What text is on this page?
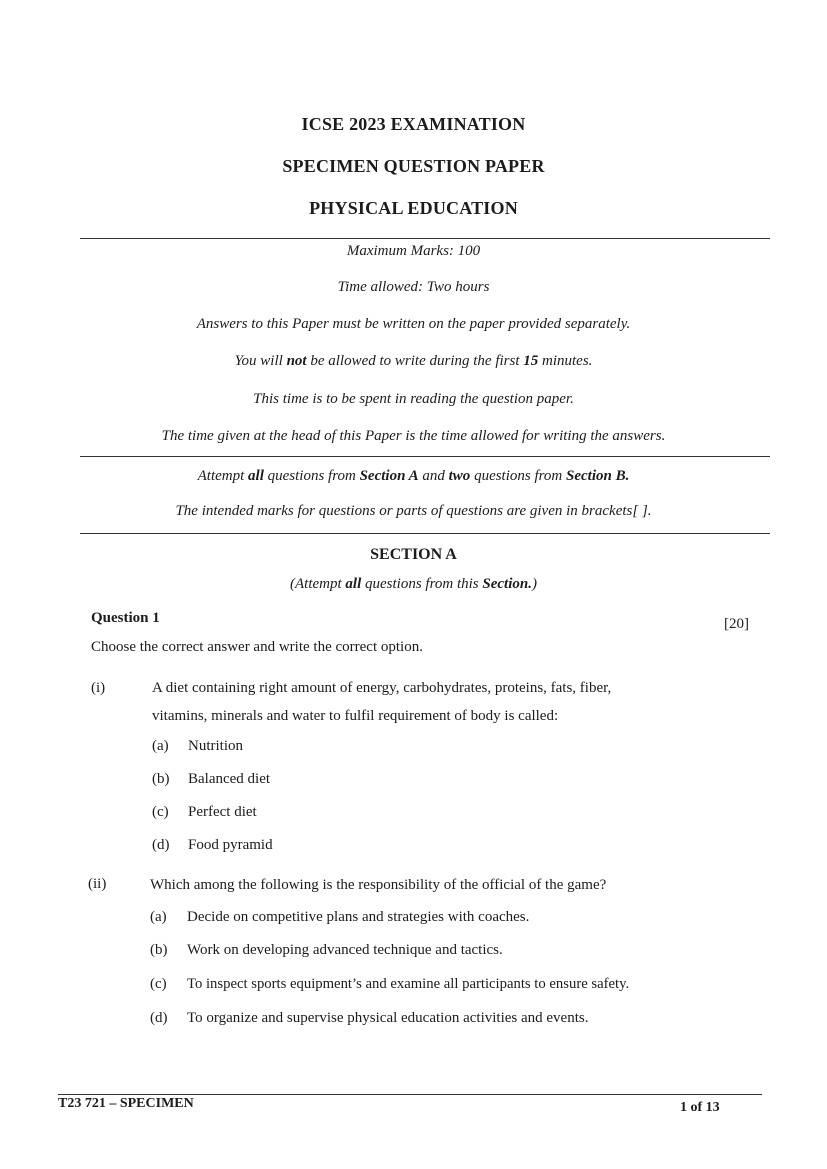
ICSE 2023 EXAMINATION
SPECIMEN QUESTION PAPER
PHYSICAL EDUCATION
Maximum Marks: 100
Time allowed: Two hours
Answers to this Paper must be written on the paper provided separately.
You will not be allowed to write during the first 15 minutes.
This time is to be spent in reading the question paper.
The time given at the head of this Paper is the time allowed for writing the answers.
Attempt all questions from Section A and two questions from Section B.
The intended marks for questions or parts of questions are given in brackets[ ].
SECTION A
(Attempt all questions from this Section.)
Question 1	[20]
Choose the correct answer and write the correct option.
(i)	A diet containing right amount of energy, carbohydrates, proteins, fats, fiber,
vitamins, minerals and water to fulfil requirement of body is called:
(a) Nutrition
(b) Balanced diet
(c) Perfect diet
(d) Food pyramid
(ii)	Which among the following is the responsibility of the official of the game?
(a) Decide on competitive plans and strategies with coaches.
(b) Work on developing advanced technique and tactics.
(c) To inspect sports equipment’s and examine all participants to ensure safety.
(d) To organize and supervise physical education activities and events.
T23 721 – SPECIMEN	1 of 13
